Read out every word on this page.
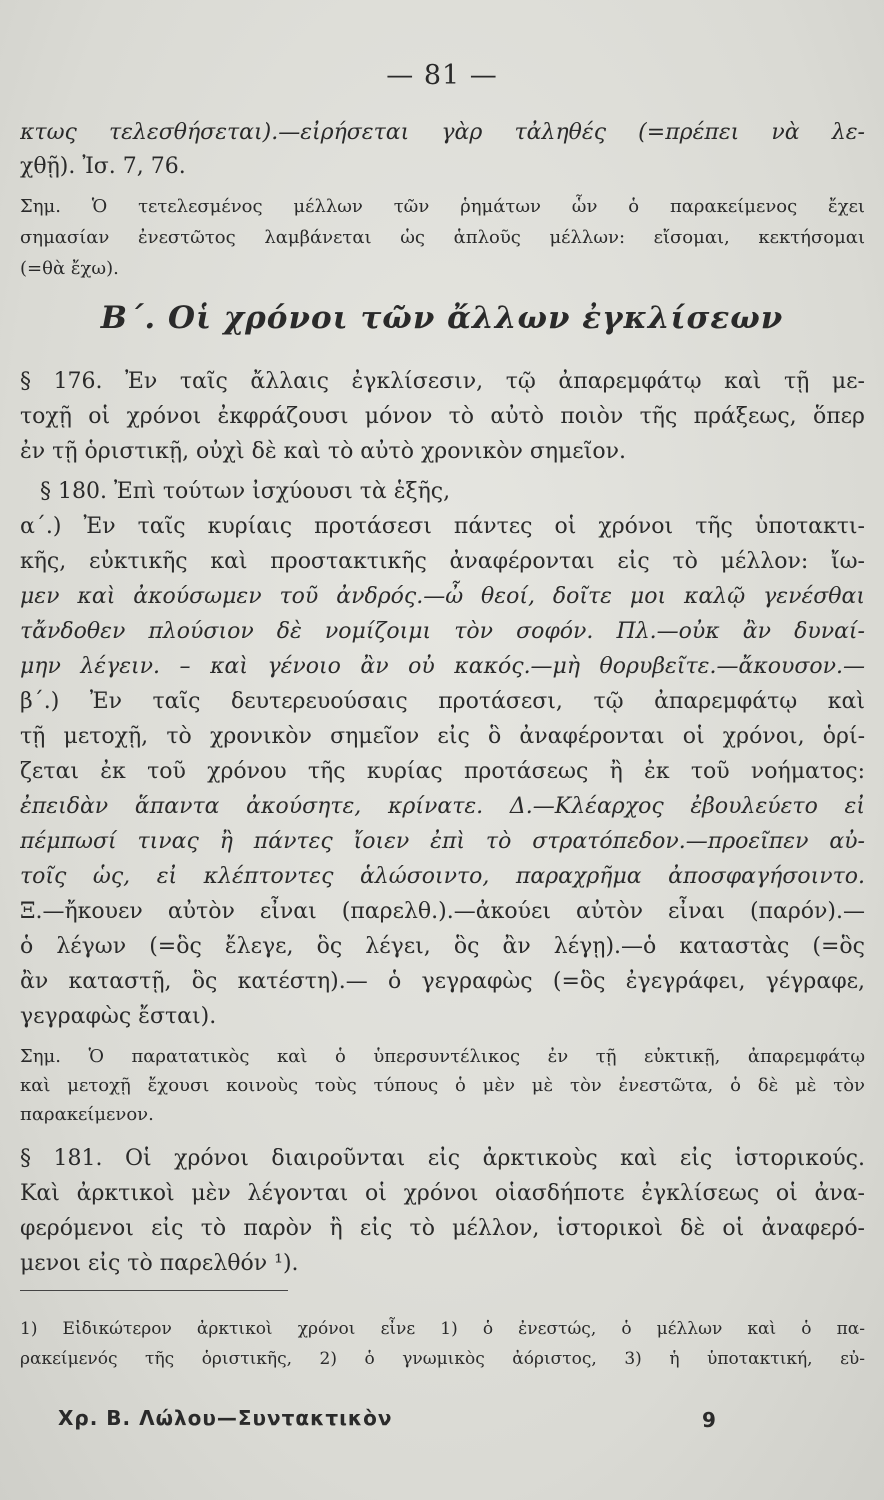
— 81 —
κτως τελεσθήσεται).—εἰρήσεται γὰρ τἀληθές (=πρέπει νὰ λε-
χθῇ). Ἰσ. 7, 76.
Σημ. Ὁ τετελεσμένος μέλλων τῶν ῥημάτων ὧν ὁ παρακείμενος ἔχει
σημασίαν ἐνεστῶτος λαμβάνεται ὡς ἁπλοῦς μέλλων: εἴσομαι, κεκτήσομαι
(=θὰ ἔχω).
Β΄. Οἱ χρόνοι τῶν ἄλλων ἐγκλίσεων
§ 176. Ἐν ταῖς ἄλλαις ἐγκλίσεσιν, τῷ ἀπαρεμφάτῳ καὶ τῇ με-
τοχῇ οἱ χρόνοι ἐκφράζουσι μόνον τὸ αὐτὸ ποιὸν τῆς πράξεως, ὅπερ
ἐν τῇ ὁριστικῇ, οὐχὶ δὲ καὶ τὸ αὐτὸ χρονικὸν σημεῖον.
§ 180. Ἐπὶ τούτων ἰσχύουσι τὰ ἑξῆς,
α΄.) Ἐν ταῖς κυρίαις προτάσεσι πάντες οἱ χρόνοι τῆς ὑποτακτι-
κῆς, εὐκτικῆς καὶ προστακτικῆς ἀναφέρονται εἰς τὸ μέλλον: ἴω-
μεν καὶ ἀκούσωμεν τοῦ ἀνδρός.—ὦ θεοί, δοῖτε μοι καλῷ γενέσθαι
τἄνδοθεν πλούσιον δὲ νομίζοιμι τὸν σοφόν. Πλ.—οὐκ ἂν δυναί-
μην λέγειν. – καὶ γένοιο ἂν οὐ κακός.—μὴ θορυβεῖτε.—ἄκουσον.—
β΄.) Ἐν ταῖς δευτερευούσαις προτάσεσι, τῷ ἀπαρεμφάτῳ καὶ
τῇ μετοχῇ, τὸ χρονικὸν σημεῖον εἰς ὃ ἀναφέρονται οἱ χρόνοι, ὁρί-
ζεται ἐκ τοῦ χρόνου τῆς κυρίας προτάσεως ἢ ἐκ τοῦ νοήματος:
ἐπειδὰν ἅπαντα ἀκούσητε, κρίνατε. Δ.—Κλέαρχος ἐβουλεύετο εἰ
πέμπωσί τινας ἢ πάντες ἴοιεν ἐπὶ τὸ στρατόπεδον.—προεῖπεν αὐ-
τοῖς ὡς, εἰ κλέπτοντες ἁλώσοιντο, παραχρῆμα ἀποσφαγήσοιντο.
Ξ.—ἤκουεν αὐτὸν εἶναι (παρελθ.).—ἀκούει αὐτὸν εἶναι (παρόν).—
ὁ λέγων (=ὃς ἔλεγε, ὃς λέγει, ὃς ἂν λέγῃ).—ὁ καταστὰς (=ὃς
ἂν καταστῇ, ὃς κατέστη).— ὁ γεγραφὼς (=ὃς ἐγεγράφει, γέγραφε,
γεγραφὼς ἔσται).
Σημ. Ὁ παρατατικὸς καὶ ὁ ὑπερσυντέλικος ἐν τῇ εὐκτικῇ, ἀπαρεμφάτῳ
καὶ μετοχῇ ἔχουσι κοινοὺς τοὺς τύπους ὁ μὲν μὲ τὸν ἐνεστῶτα, ὁ δὲ μὲ τὸν
παρακείμενον.
§ 181. Οἱ χρόνοι διαιροῦνται εἰς ἀρκτικοὺς καὶ εἰς ἱστορικούς.
Καὶ ἀρκτικοὶ μὲν λέγονται οἱ χρόνοι οἱασδήποτε ἐγκλίσεως οἱ ἀνα-
φερόμενοι εἰς τὸ παρὸν ἢ εἰς τὸ μέλλον, ἱστορικοὶ δὲ οἱ ἀναφερό-
μενοι εἰς τὸ παρελθόν ¹).
1) Εἰδικώτερον ἀρκτικοὶ χρόνοι εἶνε 1) ὁ ἐνεστώς, ὁ μέλλων καὶ ὁ πα-
ρακείμενός τῆς ὁριστικῆς, 2) ὁ γνωμικὸς ἀόριστος, 3) ἡ ὑποτακτική, εὐ-
Χρ. Β. Λώλου—Συντακτικὸν	9
